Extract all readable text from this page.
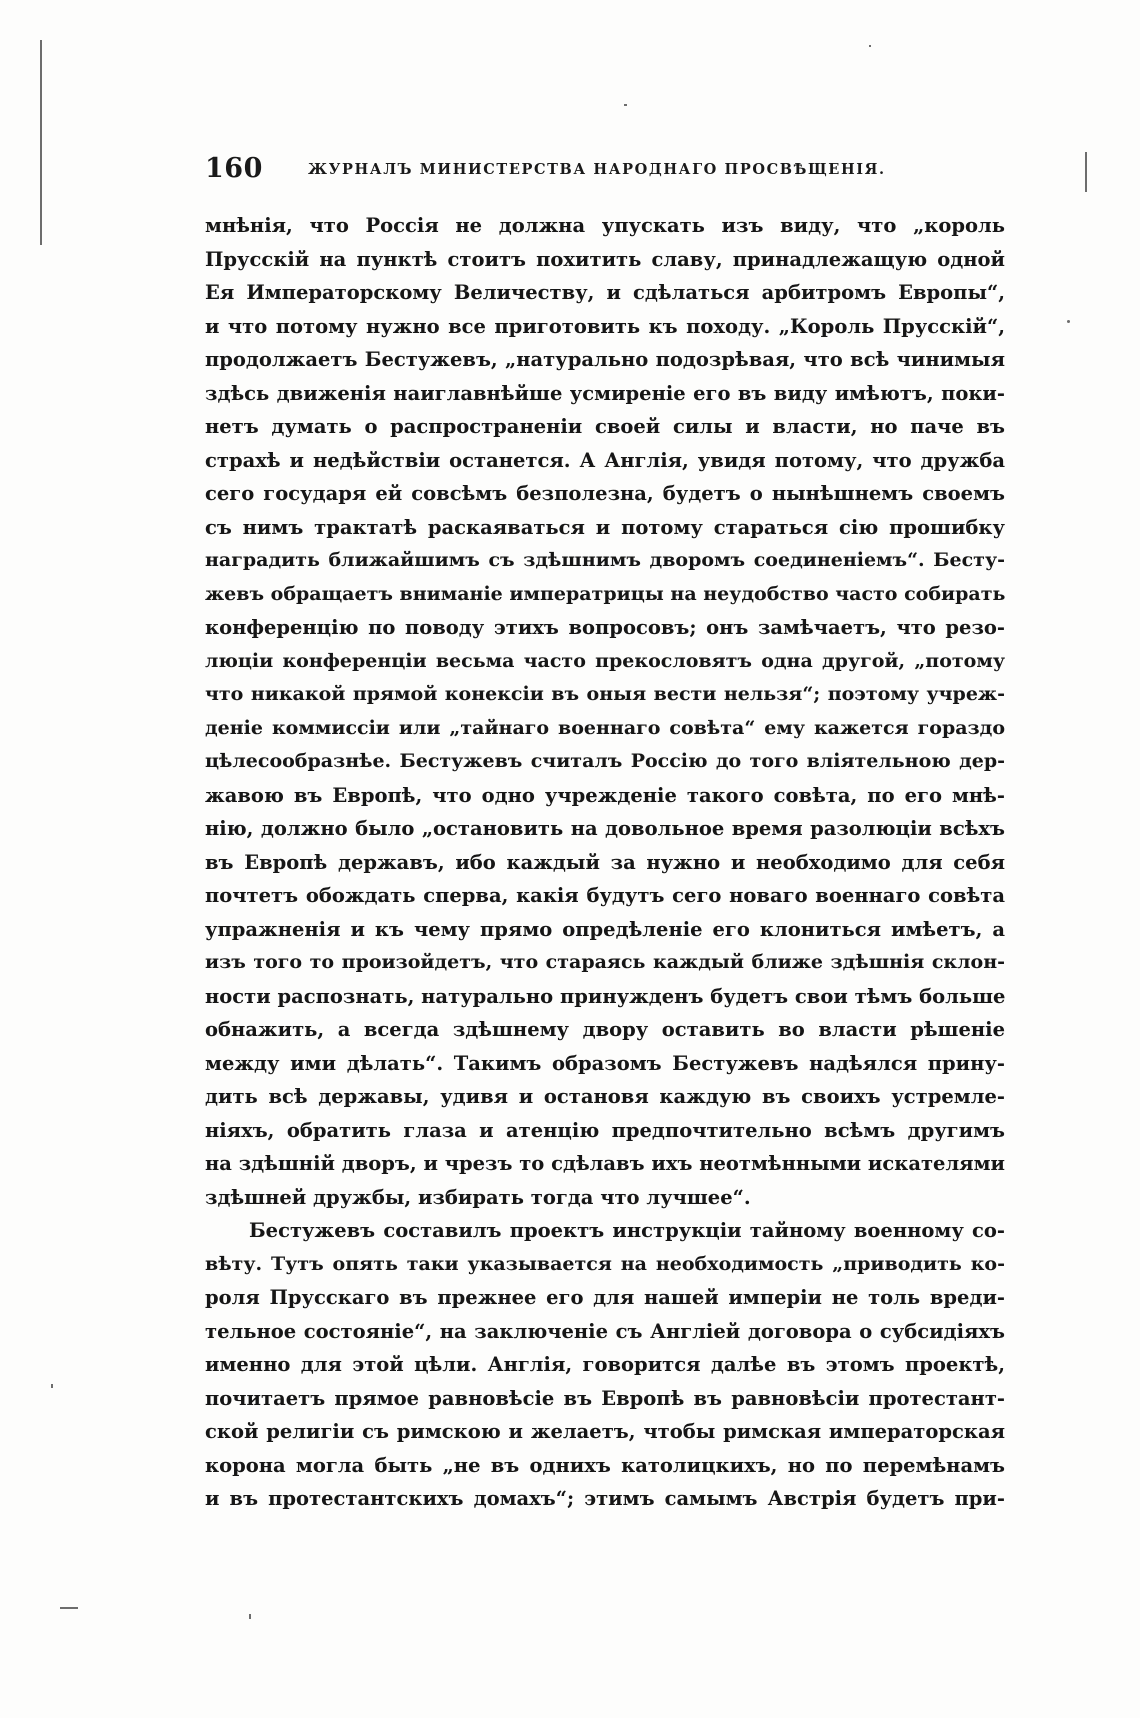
160	ЖУРНАЛЪ МИНИСТЕРСТВА НАРОДНАГО ПРОСВѢЩЕНІЯ.
мнѣнія, что Россія не должна упускать изъ виду, что „король
Прусскій на пунктѣ стоитъ похитить славу, принадлежащую одной
Ея Императорскому Величеству, и сдѣлаться арбитромъ Европы“,
и что потому нужно все приготовить къ походу. „Король Прусскій“,
продолжаетъ Бестужевъ, „натурально подозрѣвая, что всѣ чинимыя
здѣсь движенія наиглавнѣйше усмиреніе его въ виду имѣютъ, поки-
нетъ думать о распространеніи своей силы и власти, но паче въ
страхѣ и недѣйствіи останется. А Англія, увидя потому, что дружба
сего государя ей совсѣмъ безполезна, будетъ о нынѣшнемъ своемъ
съ нимъ трактатѣ раскаяваться и потому стараться сію прошибку
наградить ближайшимъ съ здѣшнимъ дворомъ соединеніемъ“. Бесту-
жевъ обращаетъ вниманіе императрицы на неудобство часто собирать
конференцію по поводу этихъ вопросовъ; онъ замѣчаетъ, что резо-
люціи конференціи весьма часто прекословятъ одна другой, „потому
что никакой прямой конексіи въ оныя вести нельзя“; поэтому учреж-
деніе коммиссіи или „тайнаго военнаго совѣта“ ему кажется гораздо
цѣлесообразнѣе. Бестужевъ считалъ Россію до того вліятельною дер-
жавою въ Европѣ, что одно учрежденіе такого совѣта, по его мнѣ-
нію, должно было „остановить на довольное время разолюціи всѣхъ
въ Европѣ державъ, ибо каждый за нужно и необходимо для себя
почтетъ обождать сперва, какія будутъ сего новаго военнаго совѣта
упражненія и къ чему прямо опредѣленіе его клониться имѣетъ, а
изъ того то произойдетъ, что стараясь каждый ближе здѣшнія склон-
ности распознать, натурально принужденъ будетъ свои тѣмъ больше
обнажить, а всегда здѣшнему двору оставить во власти рѣшеніе
между ими дѣлать“. Такимъ образомъ Бестужевъ надѣялся прину-
дить всѣ державы, удивя и остановя каждую въ своихъ устремле-
ніяхъ, обратить глаза и атенцію предпочтительно всѣмъ другимъ
на здѣшній дворъ, и чрезъ то сдѣлавъ ихъ неотмѣнными искателями
здѣшней дружбы, избирать тогда что лучшее“.
Бестужевъ составилъ проектъ инструкціи тайному военному со-
вѣту. Тутъ опять таки указывается на необходимость „приводить ко-
роля Прусскаго въ прежнее его для нашей имперіи не толь вреди-
тельное состояніе“, на заключеніе съ Англіей договора о субсидіяхъ
именно для этой цѣли. Англія, говорится далѣе въ этомъ проектѣ,
почитаетъ прямое равновѣсіе въ Европѣ въ равновѣсіи протестант-
ской религіи съ римскою и желаетъ, чтобы римская императорская
корона могла быть „не въ однихъ католицкихъ, но по перемѣнамъ
и въ протестантскихъ домахъ“; этимъ самымъ Австрія будетъ при-
